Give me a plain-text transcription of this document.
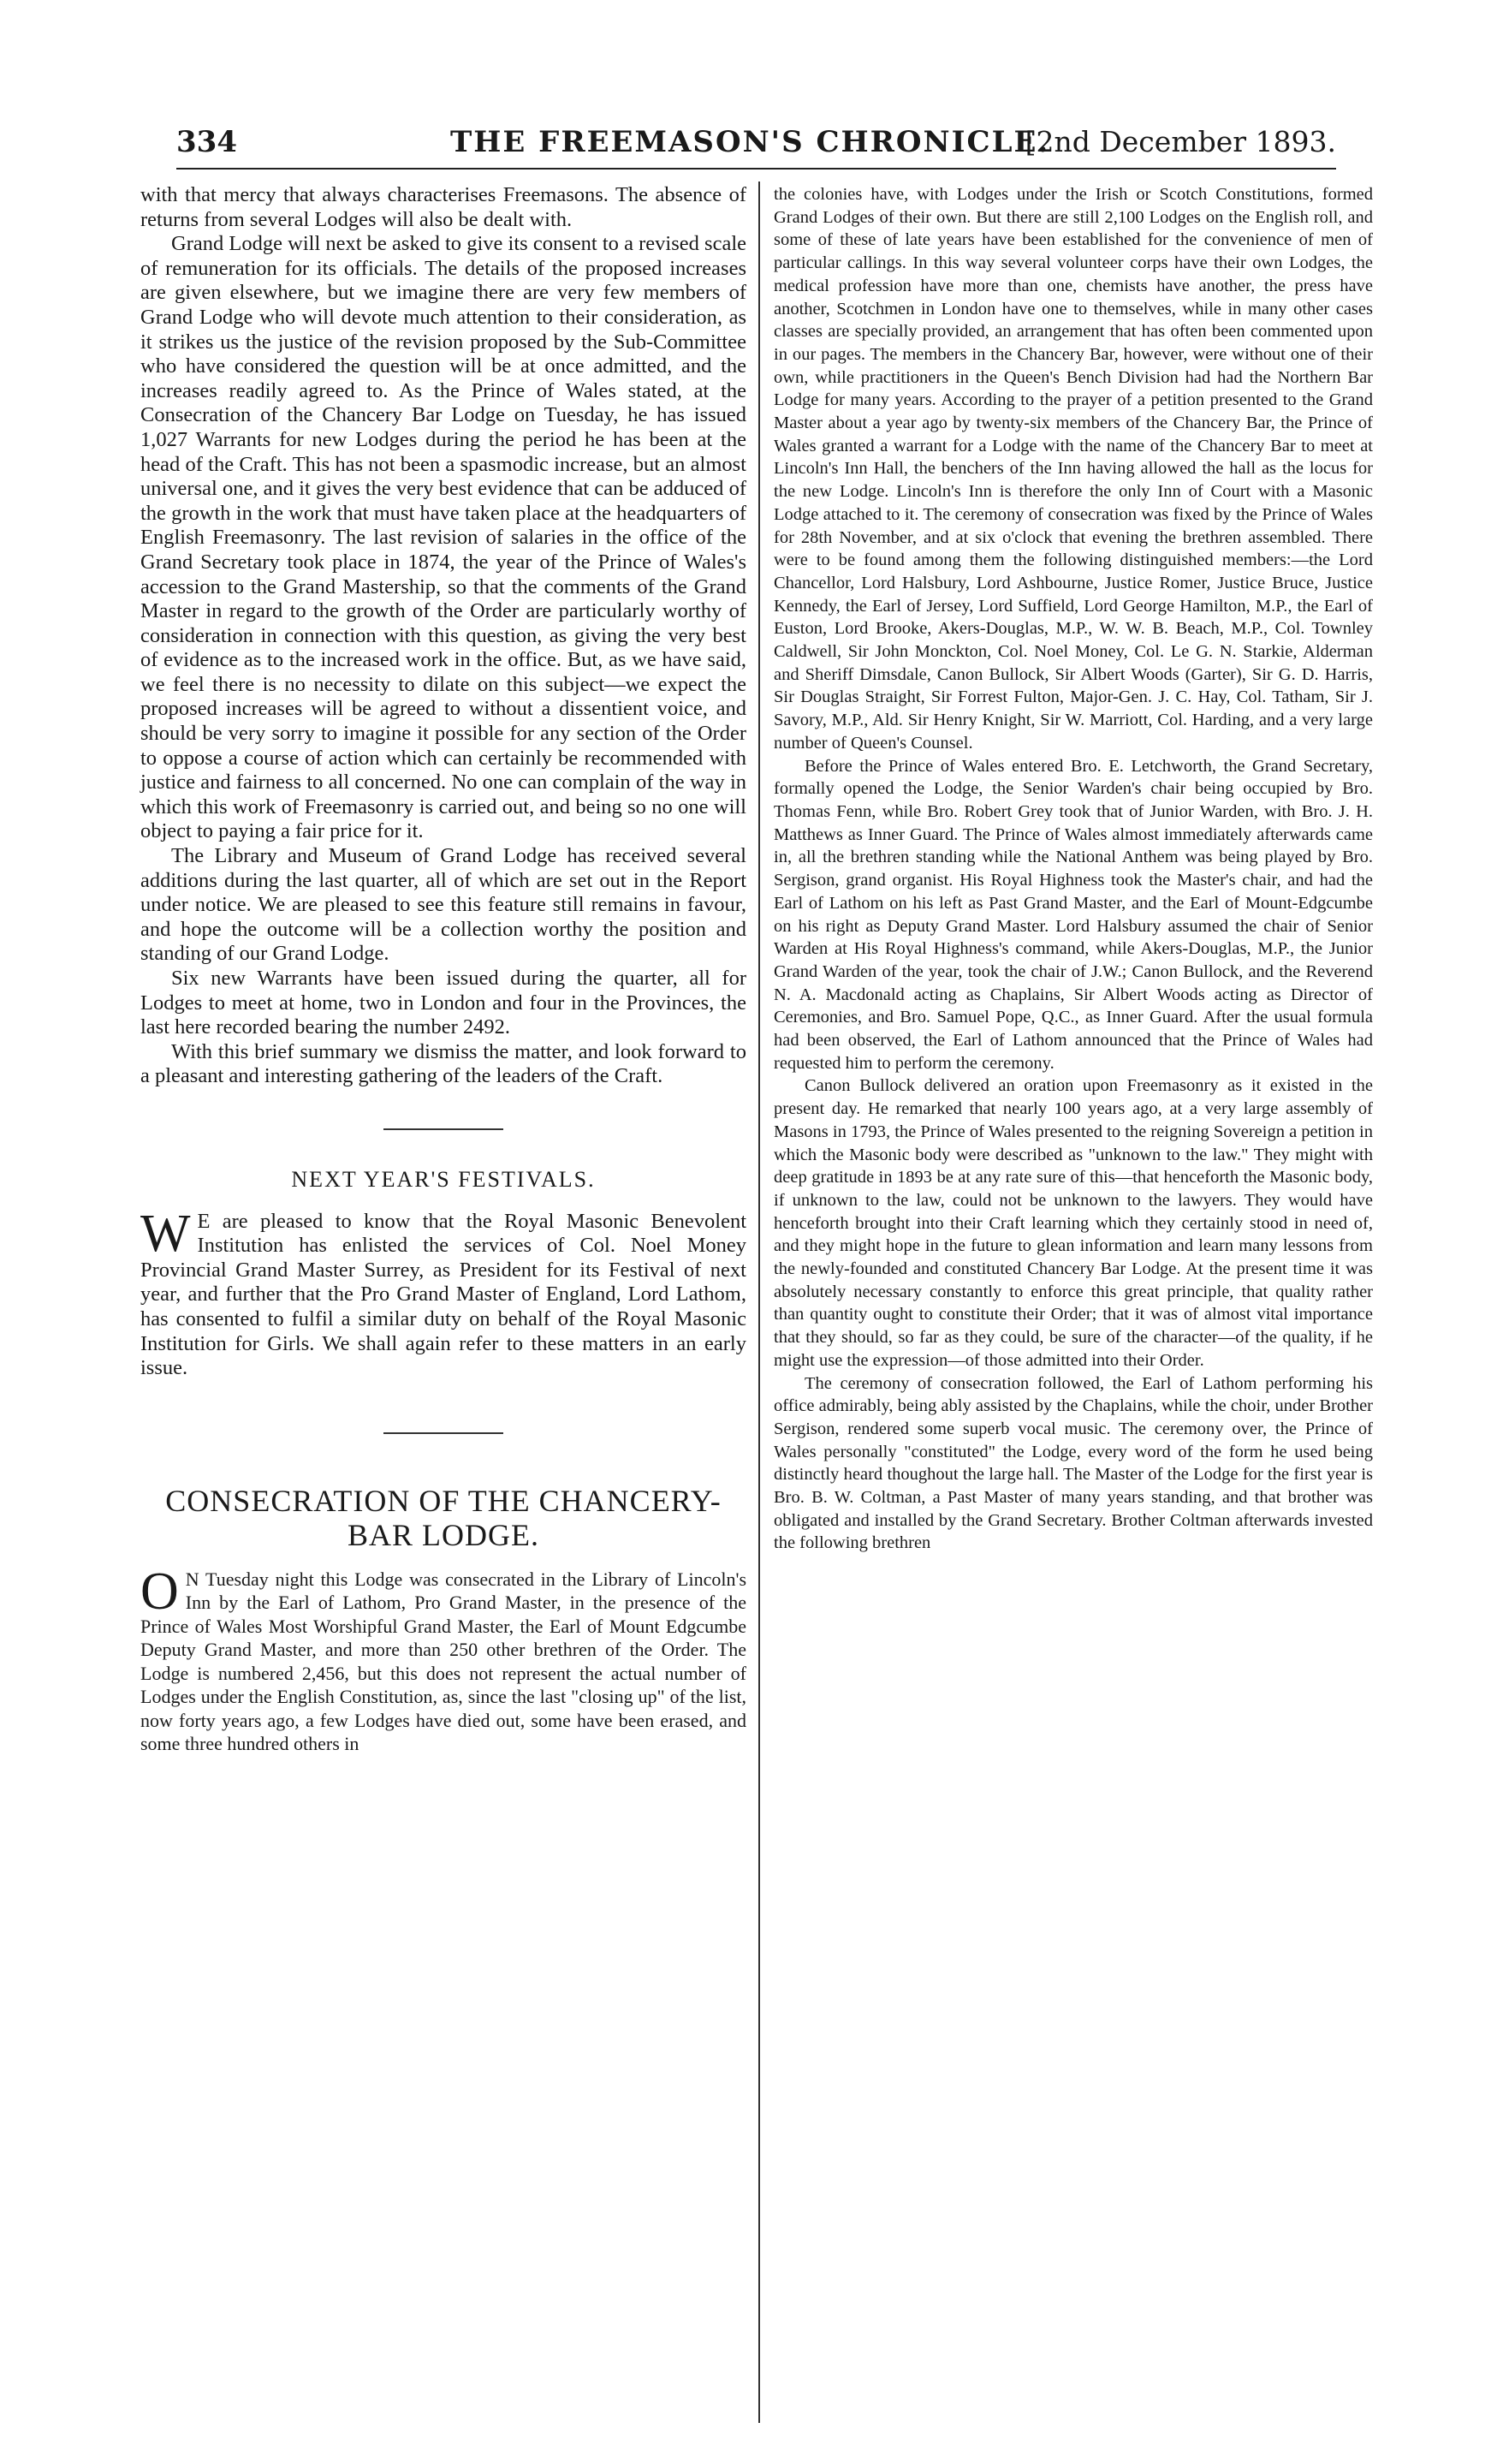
334	THE FREEMASON'S CHRONICLE.
[2nd December 1893.

with that mercy that always characterises Freemasons. The absence of returns from several Lodges will also be dealt with.

Grand Lodge will next be asked to give its consent to a revised scale of remuneration for its officials. The details of the proposed increases are given elsewhere, but we imagine there are very few members of Grand Lodge who will devote much attention to their consideration, as it strikes us the justice of the revision proposed by the Sub-Committee who have considered the question will be at once admitted, and the increases readily agreed to. As the Prince of Wales stated, at the Consecration of the Chancery Bar Lodge on Tuesday, he has issued 1,027 Warrants for new Lodges during the period he has been at the head of the Craft. This has not been a spasmodic increase, but an almost universal one, and it gives the very best evidence that can be adduced of the growth in the work that must have taken place at the headquarters of English Freemasonry. The last revision of salaries in the office of the Grand Secretary took place in 1874, the year of the Prince of Wales's accession to the Grand Mastership, so that the comments of the Grand Master in regard to the growth of the Order are particularly worthy of consideration in connection with this question, as giving the very best of evidence as to the increased work in the office. But, as we have said, we feel there is no necessity to dilate on this subject—we expect the proposed increases will be agreed to without a dissentient voice, and should be very sorry to imagine it possible for any section of the Order to oppose a course of action which can certainly be recommended with justice and fairness to all concerned. No one can complain of the way in which this work of Freemasonry is carried out, and being so no one will object to paying a fair price for it.

The Library and Museum of Grand Lodge has received several additions during the last quarter, all of which are set out in the Report under notice. We are pleased to see this feature still remains in favour, and hope the outcome will be a collection worthy the position and standing of our Grand Lodge.

Six new Warrants have been issued during the quarter, all for Lodges to meet at home, two in London and four in the Provinces, the last here recorded bearing the number 2492.

With this brief summary we dismiss the matter, and look forward to a pleasant and interesting gathering of the leaders of the Craft.

NEXT YEAR'S FESTIVALS.

W E are pleased to know that the Royal Masonic Benevolent Institution has enlisted the services of Col. Noel Money Provincial Grand Master Surrey, as President for its Festival of next year, and further that the Pro Grand Master of England, Lord Lathom, has consented to fulfil a similar duty on behalf of the Royal Masonic Institution for Girls. We shall again refer to these matters in an early issue.

CONSECRATION OF THE CHANCERY-BAR LODGE.

O N Tuesday night this Lodge was consecrated in the Library of Lincoln's Inn by the Earl of Lathom, Pro Grand Master, in the presence of the Prince of Wales Most Worshipful Grand Master, the Earl of Mount Edgcumbe Deputy Grand Master, and more than 250 other brethren of the Order. The Lodge is numbered 2,456, but this does not represent the actual number of Lodges under the English Constitution, as, since the last "closing up" of the list, now forty years ago, a few Lodges have died out, some have been erased, and some three hundred others in

the colonies have, with Lodges under the Irish or Scotch Constitutions, formed Grand Lodges of their own. But there are still 2,100 Lodges on the English roll, and some of these of late years have been established for the convenience of men of particular callings. In this way several volunteer corps have their own Lodges, the medical profession have more than one, chemists have another, the press have another, Scotchmen in London have one to themselves, while in many other cases classes are specially provided, an arrangement that has often been commented upon in our pages. The members in the Chancery Bar, however, were without one of their own, while practitioners in the Queen's Bench Division had had the Northern Bar Lodge for many years. According to the prayer of a petition presented to the Grand Master about a year ago by twenty-six members of the Chancery Bar, the Prince of Wales granted a warrant for a Lodge with the name of the Chancery Bar to meet at Lincoln's Inn Hall, the benchers of the Inn having allowed the hall as the locus for the new Lodge. Lincoln's Inn is therefore the only Inn of Court with a Masonic Lodge attached to it. The ceremony of consecration was fixed by the Prince of Wales for 28th November, and at six o'clock that evening the brethren assembled. There were to be found among them the following distinguished members:—the Lord Chancellor, Lord Halsbury, Lord Ashbourne, Justice Romer, Justice Bruce, Justice Kennedy, the Earl of Jersey, Lord Suffield, Lord George Hamilton, M.P., the Earl of Euston, Lord Brooke, Akers-Douglas, M.P., W. W. B. Beach, M.P., Col. Townley Caldwell, Sir John Monckton, Col. Noel Money, Col. Le G. N. Starkie, Alderman and Sheriff Dimsdale, Canon Bullock, Sir Albert Woods (Garter), Sir G. D. Harris, Sir Douglas Straight, Sir Forrest Fulton, Major-Gen. J. C. Hay, Col. Tatham, Sir J. Savory, M.P., Ald. Sir Henry Knight, Sir W. Marriott, Col. Harding, and a very large number of Queen's Counsel.

Before the Prince of Wales entered Bro. E. Letchworth, the Grand Secretary, formally opened the Lodge, the Senior Warden's chair being occupied by Bro. Thomas Fenn, while Bro. Robert Grey took that of Junior Warden, with Bro. J. H. Matthews as Inner Guard. The Prince of Wales almost immediately afterwards came in, all the brethren standing while the National Anthem was being played by Bro. Sergison, grand organist. His Royal Highness took the Master's chair, and had the Earl of Lathom on his left as Past Grand Master, and the Earl of Mount-Edgcumbe on his right as Deputy Grand Master. Lord Halsbury assumed the chair of Senior Warden at His Royal Highness's command, while Akers-Douglas, M.P., the Junior Grand Warden of the year, took the chair of J.W.; Canon Bullock, and the Reverend N. A. Macdonald acting as Chaplains, Sir Albert Woods acting as Director of Ceremonies, and Bro. Samuel Pope, Q.C., as Inner Guard. After the usual formula had been observed, the Earl of Lathom announced that the Prince of Wales had requested him to perform the ceremony.

Canon Bullock delivered an oration upon Freemasonry as it existed in the present day. He remarked that nearly 100 years ago, at a very large assembly of Masons in 1793, the Prince of Wales presented to the reigning Sovereign a petition in which the Masonic body were described as "unknown to the law." They might with deep gratitude in 1893 be at any rate sure of this—that henceforth the Masonic body, if unknown to the law, could not be unknown to the lawyers. They would have henceforth brought into their Craft learning which they certainly stood in need of, and they might hope in the future to glean information and learn many lessons from the newly-founded and constituted Chancery Bar Lodge. At the present time it was absolutely necessary constantly to enforce this great principle, that quality rather than quantity ought to constitute their Order; that it was of almost vital importance that they should, so far as they could, be sure of the character—of the quality, if he might use the expression—of those admitted into their Order.

The ceremony of consecration followed, the Earl of Lathom performing his office admirably, being ably assisted by the Chaplains, while the choir, under Brother Sergison, rendered some superb vocal music. The ceremony over, the Prince of Wales personally "constituted" the Lodge, every word of the form he used being distinctly heard thoughout the large hall. The Master of the Lodge for the first year is Bro. B. W. Coltman, a Past Master of many years standing, and that brother was obligated and installed by the Grand Secretary. Brother Coltman afterwards invested the following brethren
